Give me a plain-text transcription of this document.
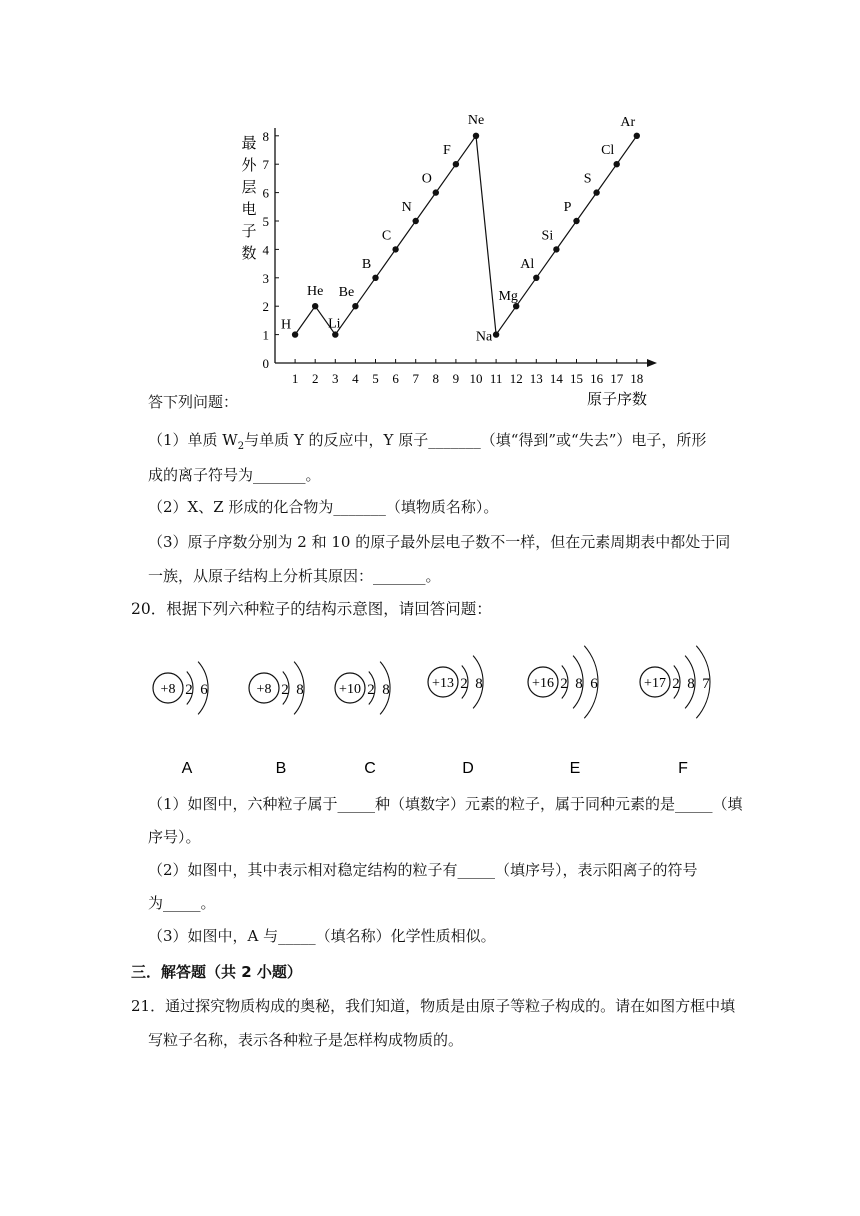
1 2 3 4 5 6 7 8 9 10 11 12 13 14 15 16 17 18
0
1
2
3
4
5
6
7
8
最外层电子数
原子序数
H
He
Li
Be
B
C
N
O
F
Ne
Na
Mg
Al
Si
P
S
Cl
Ar
答下列问题：
（1）单质 $W_2$与单质 Y 的反应中，Y 原子_______（填“得到”或“失去”）电子，所形
成的离子符号为_______。
（2）X、Z 形成的化合物为_______（填物质名称）。
（3）原子序数分别为 2 和 10 的原子最外层电子数不一样，但在元素周期表中都处于同
一族，从原子结构上分析其原因：_______。
20．根据下列六种粒子的结构示意图，请回答问题：
+8 2 6
A
+8 2 8
B
+10 2 8
C
+13 2 8
D
+16 2 8 6
E
+17 2 8 7
F
（1）如图中，六种粒子属于_____种（填数字）元素的粒子，属于同种元素的是_____（填
序号）。
（2）如图中，其中表示相对稳定结构的粒子有_____（填序号），表示阳离子的符号
为_____。
（3）如图中，A 与_____（填名称）化学性质相似。
三．解答题（共 2 小题）
21．通过探究物质构成的奥秘，我们知道，物质是由原子等粒子构成的。请在如图方框中填
写粒子名称，表示各种粒子是怎样构成物质的。
